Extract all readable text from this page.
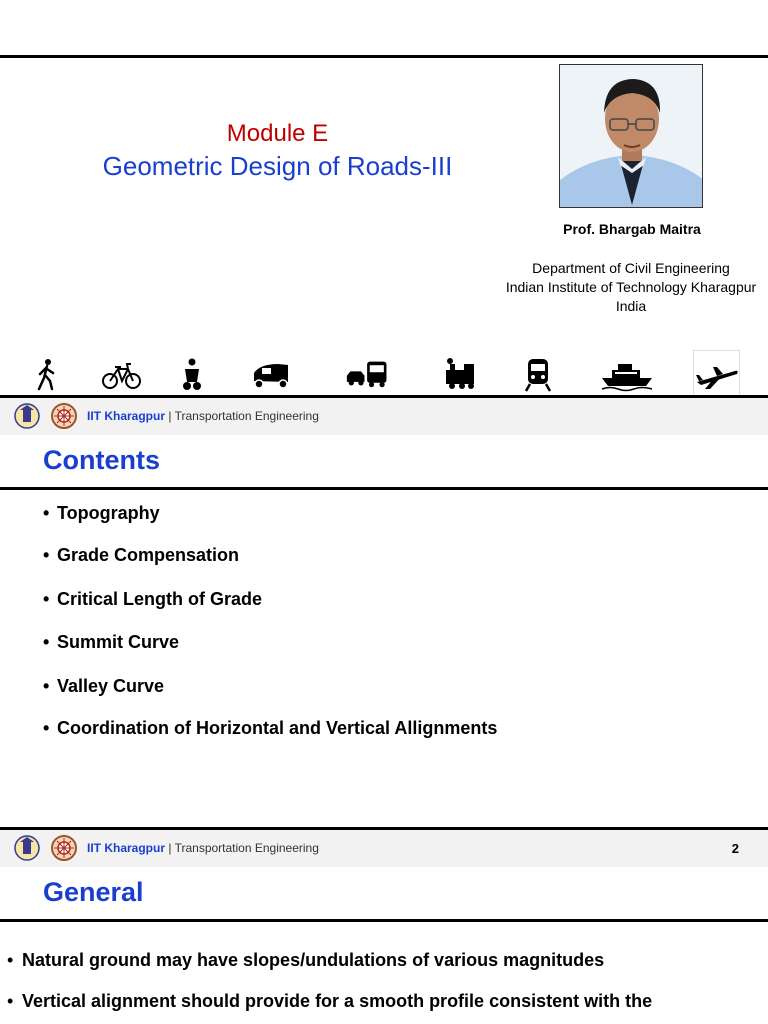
Module E
Geometric Design of Roads-III
Prof. Bhargab Maitra
Department of Civil Engineering
Indian Institute of Technology Kharagpur
India
IIT Kharagpur | Transportation Engineering
Contents
• Topography
• Grade Compensation
• Critical Length of Grade
• Summit Curve
• Valley Curve
• Coordination of Horizontal and Vertical Allignments
IIT Kharagpur | Transportation Engineering	2
General
• Natural ground may have slopes/undulations of various magnitudes
• Vertical alignment should provide for a smooth profile consistent with the
